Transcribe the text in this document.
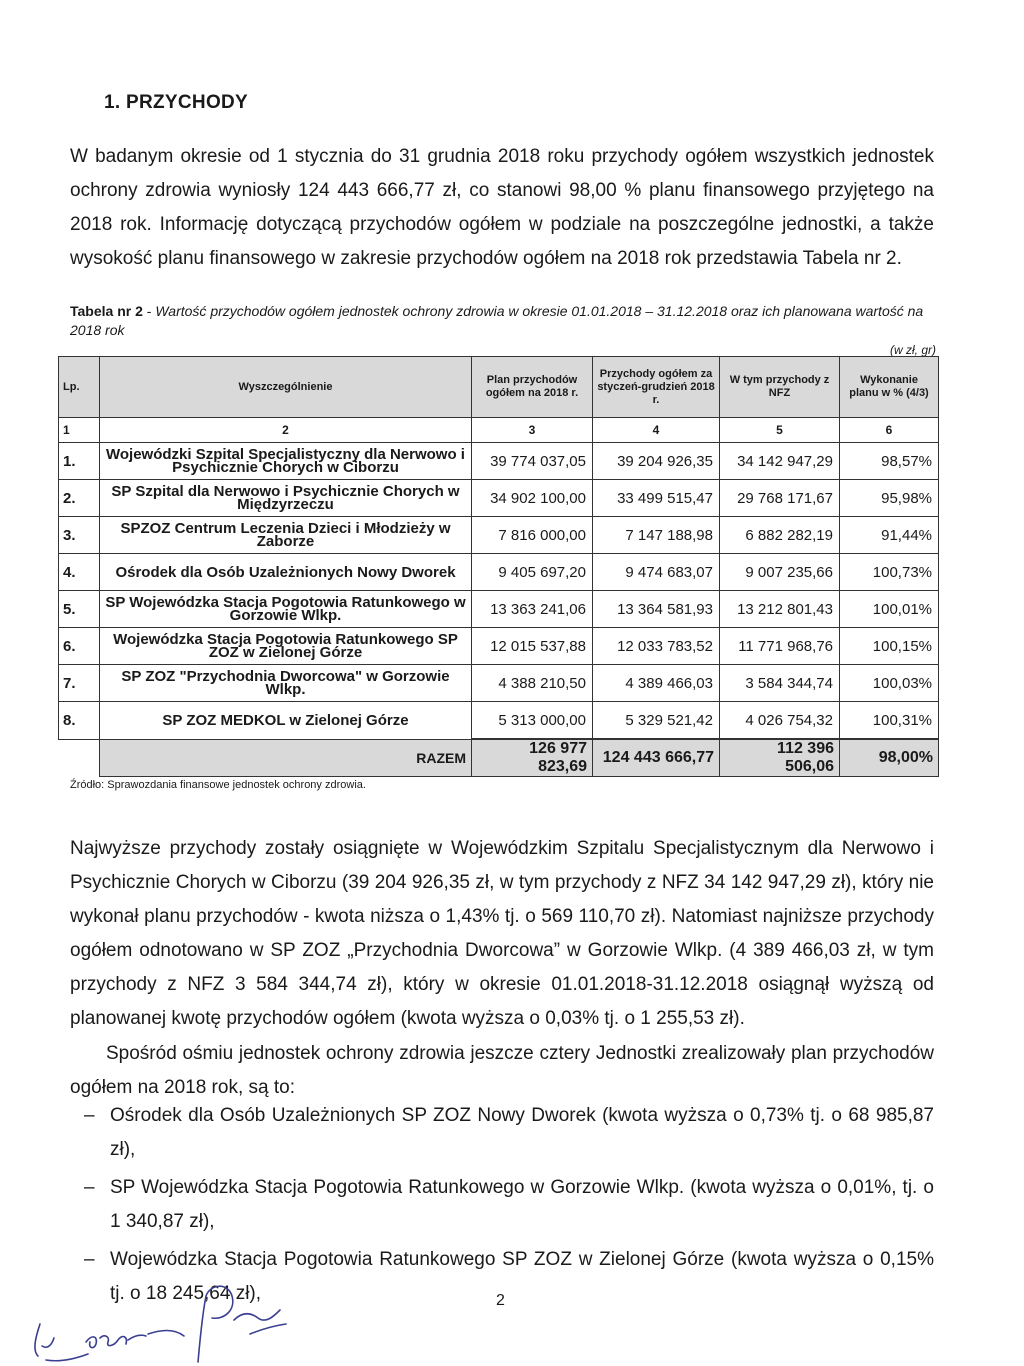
1. PRZYCHODY

W badanym okresie od 1 stycznia do 31 grudnia 2018 roku przychody ogółem wszystkich jednostek ochrony zdrowia wyniosły 124 443 666,77 zł, co stanowi 98,00 % planu finansowego przyjętego na 2018 rok. Informację dotyczącą przychodów ogółem w podziale na poszczególne jednostki, a także wysokość planu finansowego w zakresie przychodów ogółem na 2018 rok przedstawia Tabela nr 2.

Tabela nr 2 - Wartość przychodów ogółem jednostek ochrony zdrowia w okresie 01.01.2018 – 31.12.2018 oraz ich planowana wartość na 2018 rok
(w zł, gr)
Lp.	Wyszczególnienie	Plan przychodów ogółem na 2018 r.	Przychody ogółem za styczeń-grudzień 2018 r.	W tym przychody z NFZ	Wykonanie planu w % (4/3)
1	2	3	4	5	6
1.	Wojewódzki Szpital Specjalistyczny dla Nerwowo i Psychicznie Chorych w Ciborzu	39 774 037,05	39 204 926,35	34 142 947,29	98,57%
2.	SP Szpital dla Nerwowo i Psychicznie Chorych w Międzyrzeczu	34 902 100,00	33 499 515,47	29 768 171,67	95,98%
3.	SPZOZ Centrum Leczenia Dzieci i Młodzieży w Zaborze	7 816 000,00	7 147 188,98	6 882 282,19	91,44%
4.	Ośrodek dla Osób Uzależnionych Nowy Dworek	9 405 697,20	9 474 683,07	9 007 235,66	100,73%
5.	SP Wojewódzka Stacja Pogotowia Ratunkowego w Gorzowie Wlkp.	13 363 241,06	13 364 581,93	13 212 801,43	100,01%
6.	Wojewódzka Stacja Pogotowia Ratunkowego SP ZOZ w Zielonej Górze	12 015 537,88	12 033 783,52	11 771 968,76	100,15%
7.	SP ZOZ "Przychodnia Dworcowa" w Gorzowie Wlkp.	4 388 210,50	4 389 466,03	3 584 344,74	100,03%
8.	SP ZOZ MEDKOL w Zielonej Górze	5 313 000,00	5 329 521,42	4 026 754,32	100,31%
	RAZEM	126 977 823,69	124 443 666,77	112 396 506,06	98,00%
Źródło: Sprawozdania finansowe jednostek ochrony zdrowia.

Najwyższe przychody zostały osiągnięte w Wojewódzkim Szpitalu Specjalistycznym dla Nerwowo i Psychicznie Chorych w Ciborzu (39 204 926,35 zł, w tym przychody z NFZ 34 142 947,29 zł), który nie wykonał planu przychodów - kwota niższa o 1,43% tj. o 569 110,70 zł). Natomiast najniższe przychody ogółem odnotowano w SP ZOZ „Przychodnia Dworcowa” w Gorzowie Wlkp. (4 389 466,03 zł, w tym przychody z NFZ 3 584 344,74 zł), który w okresie 01.01.2018-31.12.2018 osiągnął wyższą od planowanej kwotę przychodów ogółem (kwota wyższa o 0,03% tj. o 1 255,53 zł).

Spośród ośmiu jednostek ochrony zdrowia jeszcze cztery Jednostki zrealizowały plan przychodów ogółem na 2018 rok, są to:

– Ośrodek dla Osób Uzależnionych SP ZOZ Nowy Dworek (kwota wyższa o 0,73% tj. o 68 985,87 zł),
– SP Wojewódzka Stacja Pogotowia Ratunkowego w Gorzowie Wlkp. (kwota wyższa o 0,01%, tj. o 1 340,87 zł),
– Wojewódzka Stacja Pogotowia Ratunkowego SP ZOZ w Zielonej Górze (kwota wyższa o 0,15% tj. o 18 245,64 zł),	2
